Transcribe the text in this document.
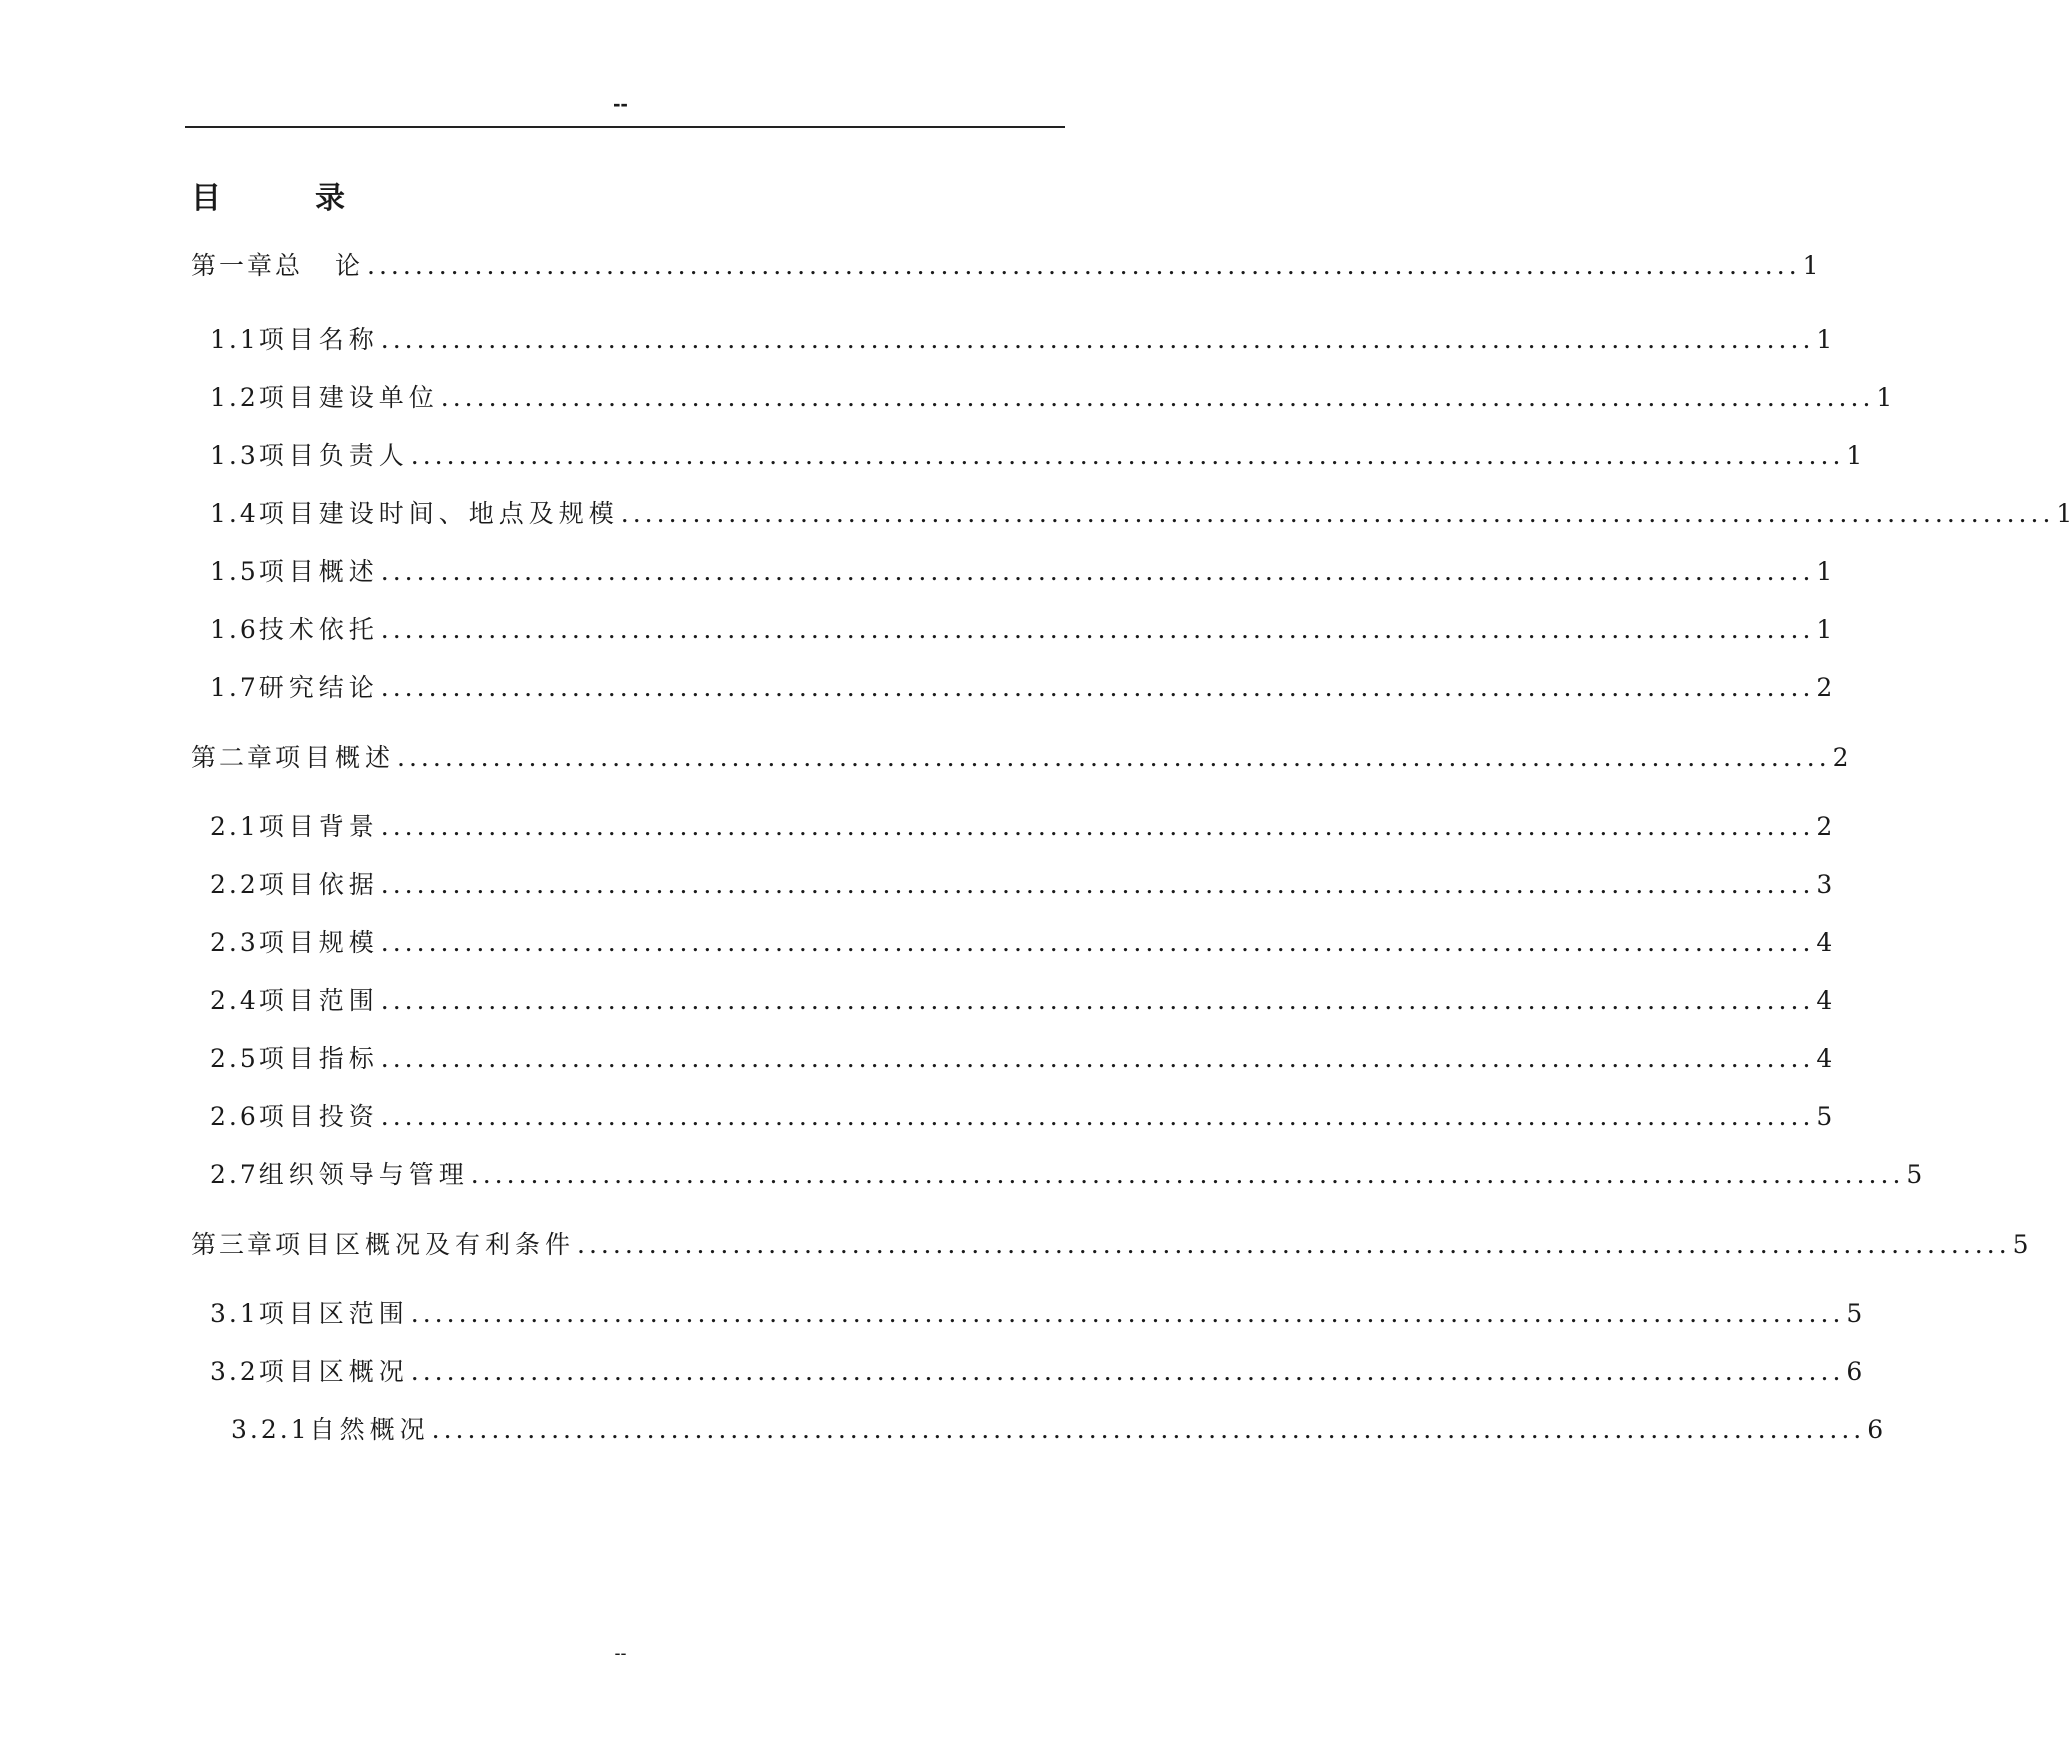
--
目	录
第一章 总　论 ........................................................................................................................ 1
1.1 项目名称 ........................................................................................................................ 1
1.2 项目建设单位 ........................................................................................................................ 1
1.3 项目负责人 ........................................................................................................................ 1
1.4 项目建设时间、地点及规模 ........................................................................................................................ 1
1.5 项目概述 ........................................................................................................................ 1
1.6 技术依托 ........................................................................................................................ 1
1.7 研究结论 ........................................................................................................................ 2
第二章 项目概述 ........................................................................................................................ 2
2.1 项目背景 ........................................................................................................................ 2
2.2 项目依据 ........................................................................................................................ 3
2.3 项目规模 ........................................................................................................................ 4
2.4 项目范围 ........................................................................................................................ 4
2.5 项目指标 ........................................................................................................................ 4
2.6 项目投资 ........................................................................................................................ 5
2.7 组织领导与管理 ........................................................................................................................ 5
第三章 项目区概况及有利条件 ........................................................................................................................ 5
3.1 项目区范围 ........................................................................................................................ 5
3.2 项目区概况 ........................................................................................................................ 6
3.2.1 自然概况 ........................................................................................................................ 6
--
